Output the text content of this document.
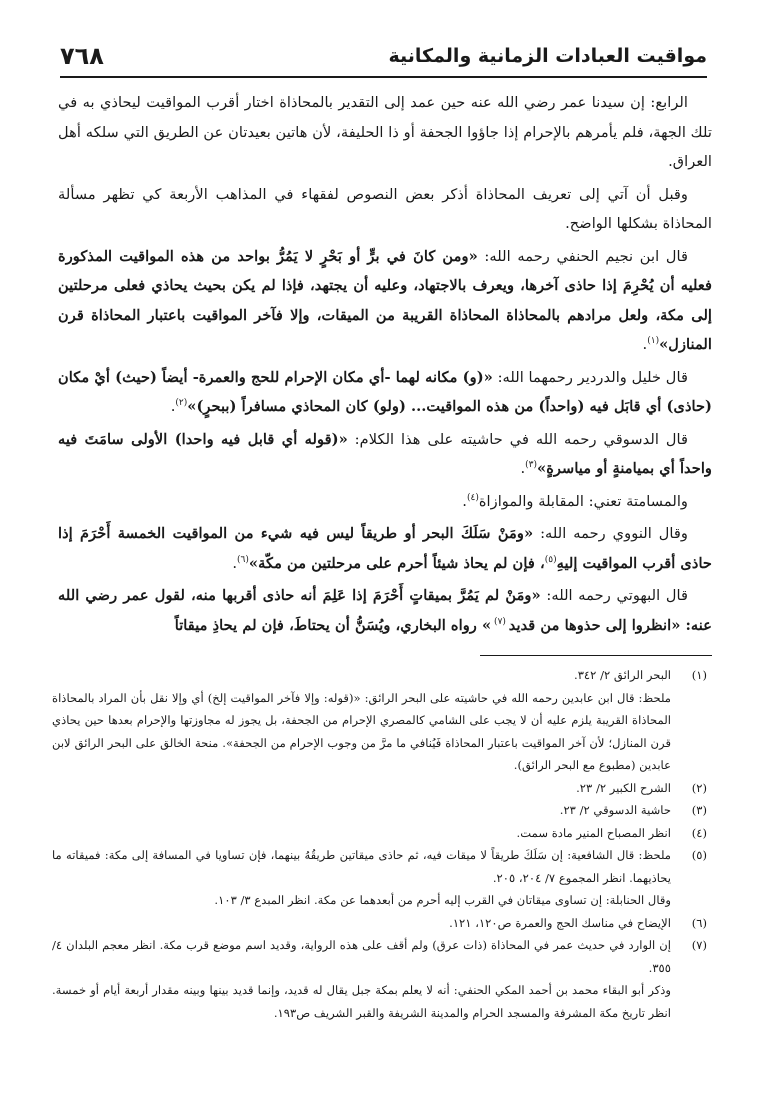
مواقيت العبادات الزمانية والمكانية
٧٦٨

الرابع: إن سيدنا عمر رضي الله عنه حين عمد إلى التقدير بالمحاذاة اختار أقرب المواقيت ليحاذي به في تلك الجهة، فلم يأمرهم بالإحرام إذا جاؤوا الجحفة أو ذا الحليفة، لأن هاتين بعيدتان عن الطريق التي سلكه أهل العراق.

وقبل أن آتي إلى تعريف المحاذاة أذكر بعض النصوص لفقهاء في المذاهب الأربعة كي تظهر مسألة المحاذاة بشكلها الواضح.

قال ابن نجيم الحنفي رحمه الله: «ومن كانَ في برٍّ أو بَحْرٍ لا يَمُرُّ بواحد من هذه المواقيت المذكورة فعليه أن يُحْرِمَ إذا حاذى آخرها، ويعرف بالاجتهاد، وعليه أن يجتهد، فإذا لم يكن بحيث يحاذي فعلى مرحلتين إلى مكة، ولعل مرادهم بالمحاذاة المحاذاة القريبة من الميقات، وإلا فآخر المواقيت باعتبار المحاذاة قرن المنازل»$^{(١)}$.

قال خليل والدردير رحمهما الله: «(و) مكانه لهما -أي مكان الإحرام للحج والعمرة- أيضاً (حيث) أيْ مكان (حاذى) أي قابَل فيه (واحداً) من هذه المواقيت... (ولو) كان المحاذي مسافراً (ببحرٍ)»$^{(٢)}$.

قال الدسوقي رحمه الله في حاشيته على هذا الكلام: «(قوله أي قابل فيه واحدا) الأولى سامَتَ فيه واحداً أي بميامنةٍ أو مياسرةٍ»$^{(٣)}$.

والمسامتة تعني: المقابلة والموازاة$^{(٤)}$.

وقال النووي رحمه الله: «ومَنْ سَلَكَ البحر أو طريقاً ليس فيه شيء من المواقيت الخمسة أَحْرَمَ إذا حاذى أقرب المواقيت إليهِ$^{(٥)}$، فإن لم يحاذ شيئاً أحرم على مرحلتين من مكّة»$^{(٦)}$.

قال البهوتي رحمه الله: «ومَنْ لم يَمُرَّ بميقاتٍ أَحْرَمَ إذا عَلِمَ أنه حاذى أقربها منه، لقول عمر رضي الله عنه: «انظروا إلى حذوها من قديد $^{(٧)}$ » رواه البخاري، ويُسَنُّ أن يحتاطَ، فإن لم يحاذِ ميقاتاً

(١)
البحر الرائق ٢/ ٣٤٢.
ملحظ: قال ابن عابدين رحمه الله في حاشيته على البحر الرائق: «(قوله: وإلا فآخر المواقيت إلخ) أي وإلا نقل بأن المراد بالمحاذاة المحاذاة القريبة يلزم عليه أن لا يجب على الشامي كالمصري الإحرام من الجحفة، بل يجوز له مجاوزتها والإحرام بعدها حين يحاذي قرن المنازل؛ لأن آخر المواقيت باعتبار المحاذاة فَيُنافي ما مرَّ من وجوب الإحرام من الجحفة». منحة الخالق على البحر الرائق لابن عابدين (مطبوع مع البحر الرائق).
(٢)
الشرح الكبير ٢/ ٢٣.
(٣)
حاشية الدسوقي ٢/ ٢٣.
(٤)
انظر المصباح المنير مادة سمت.
(٥)
ملحظ: قال الشافعية: إن سَلَكَ طريقاً لا ميقات فيه، ثم حاذى ميقاتين طريقُهُ بينهما، فإن تساويا في المسافة إلى مكة: فميقاته ما يحاذيهما. انظر المجموع ٧/ ٢٠٤، ٢٠٥.
وقال الحنابلة: إن تساوى ميقاتان في القرب إليه أحرم من أبعدهما عن مكة. انظر المبدع ٣/ ١٠٣.
(٦)
الإيضاح في مناسك الحج والعمرة ص١٢٠، ١٢١.
(٧)
إن الوارد في حديث عمر في المحاذاة (ذات عرق) ولم أقف على هذه الرواية، وقديد اسم موضع قرب مكة. انظر معجم البلدان ٤/ ٣٥٥.
وذكر أبو البقاء محمد بن أحمد المكي الحنفي: أنه لا يعلم بمكة جبل يقال له قديد، وإنما قديد بينها وبينه مقدار أربعة أيام أو خمسة. انظر تاريخ مكة المشرفة والمسجد الحرام والمدينة الشريفة والقبر الشريف ص١٩٣.
